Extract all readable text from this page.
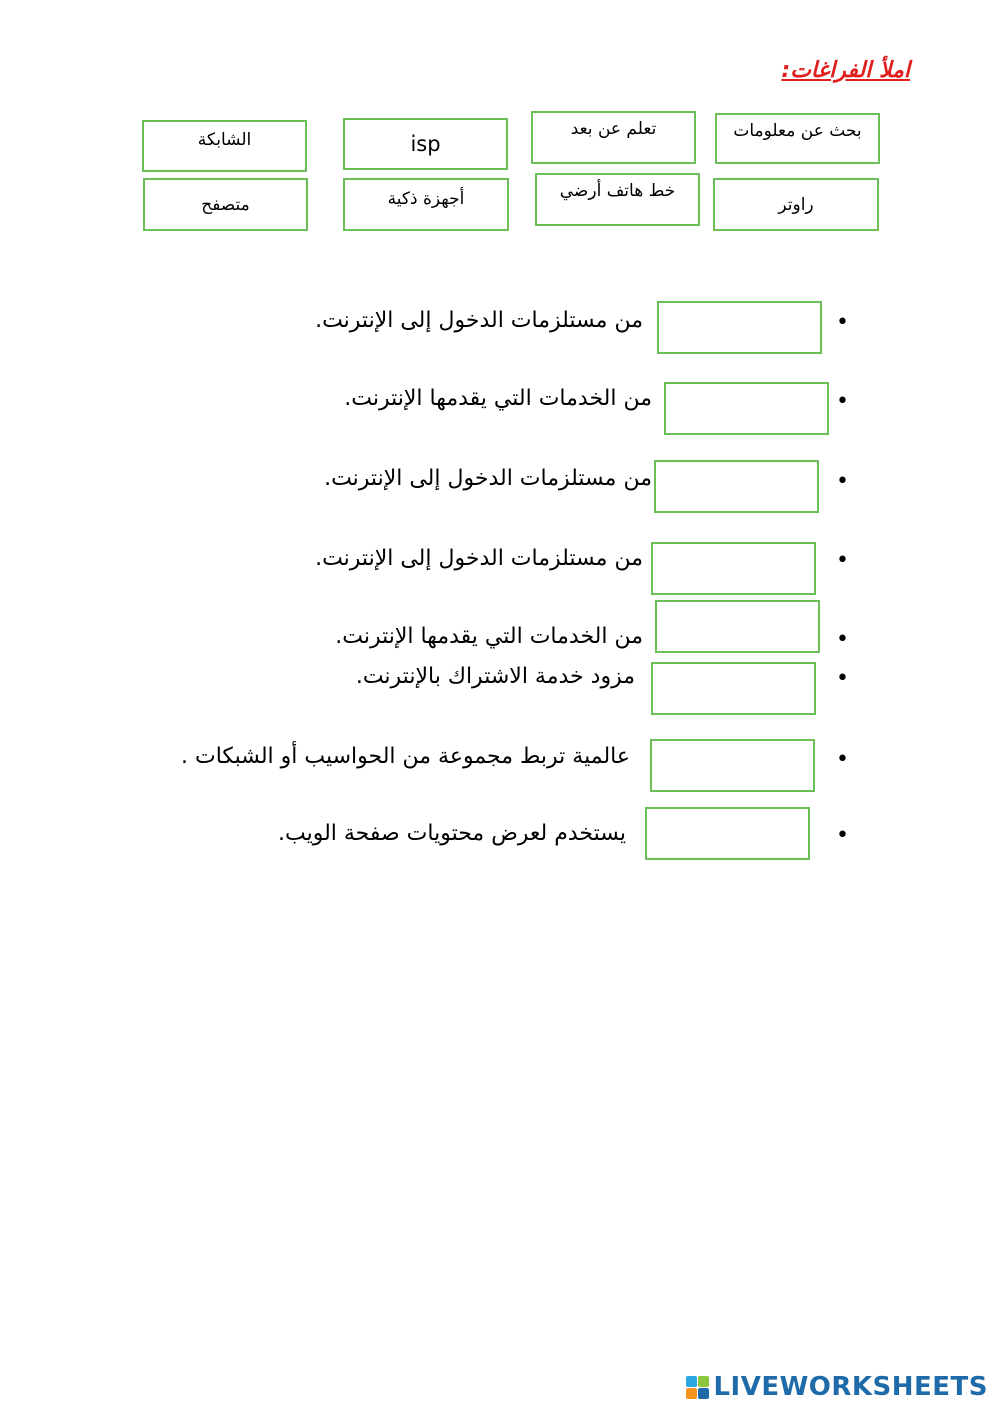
املأ الفراغات:
بحث عن معلومات
تعلم عن بعد
isp
الشابكة
راوتر
خط هاتف أرضي
أجهزة ذكية
متصفح
•
من مستلزمات الدخول إلى الإنترنت.
•
من الخدمات التي يقدمها الإنترنت.
•
من مستلزمات الدخول إلى الإنترنت.
•
من مستلزمات الدخول إلى الإنترنت.
•
من الخدمات التي يقدمها الإنترنت.
•
مزود خدمة الاشتراك بالإنترنت.
•
عالمية تربط مجموعة من الحواسيب أو الشبكات .
•
يستخدم لعرض محتويات صفحة الويب.
LIVEWORKSHEETS
